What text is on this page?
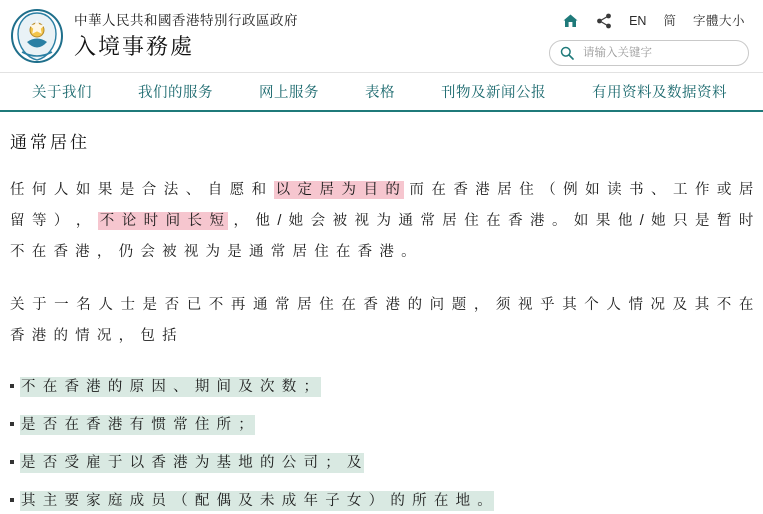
中華人民共和國香港特別行政區政府
入境事務處
EN 简 字體大小
请输入关键字
关于我们	我们的服务	网上服务	表格	刊物及新闻公报	有用资料及数据资料
通常居住

任 何 人 如 果 是 合 法 、 自 愿 和 以 定 居 为 目 的 而 在 香 港 居 住 （ 例 如 读 书 、 工 作 或 居 留 等 ） ， 不 论 时 间 长 短 ， 他 / 她 会 被 视 为 通 常 居 住 在 香 港 。 如 果 他 / 她 只 是 暂 时 不 在 香 港 ， 仍 会 被 视 为 是 通 常 居 住 在 香 港 。

关 于 一 名 人 士 是 否 已 不 再 通 常 居 住 在 香 港 的 问 题 ， 须 视 乎 其 个 人 情 况 及 其 不 在 香 港 的 情 况 ， 包 括

不 在 香 港 的 原 因 、 期 间 及 次 数 ；
是 否 在 香 港 有 惯 常 住 所 ；
是 否 受 雇 于 以 香 港 为 基 地 的 公 司 ； 及
其 主 要 家 庭 成 员 （ 配 偶 及 未 成 年 子 女 ） 的 所 在 地 。
